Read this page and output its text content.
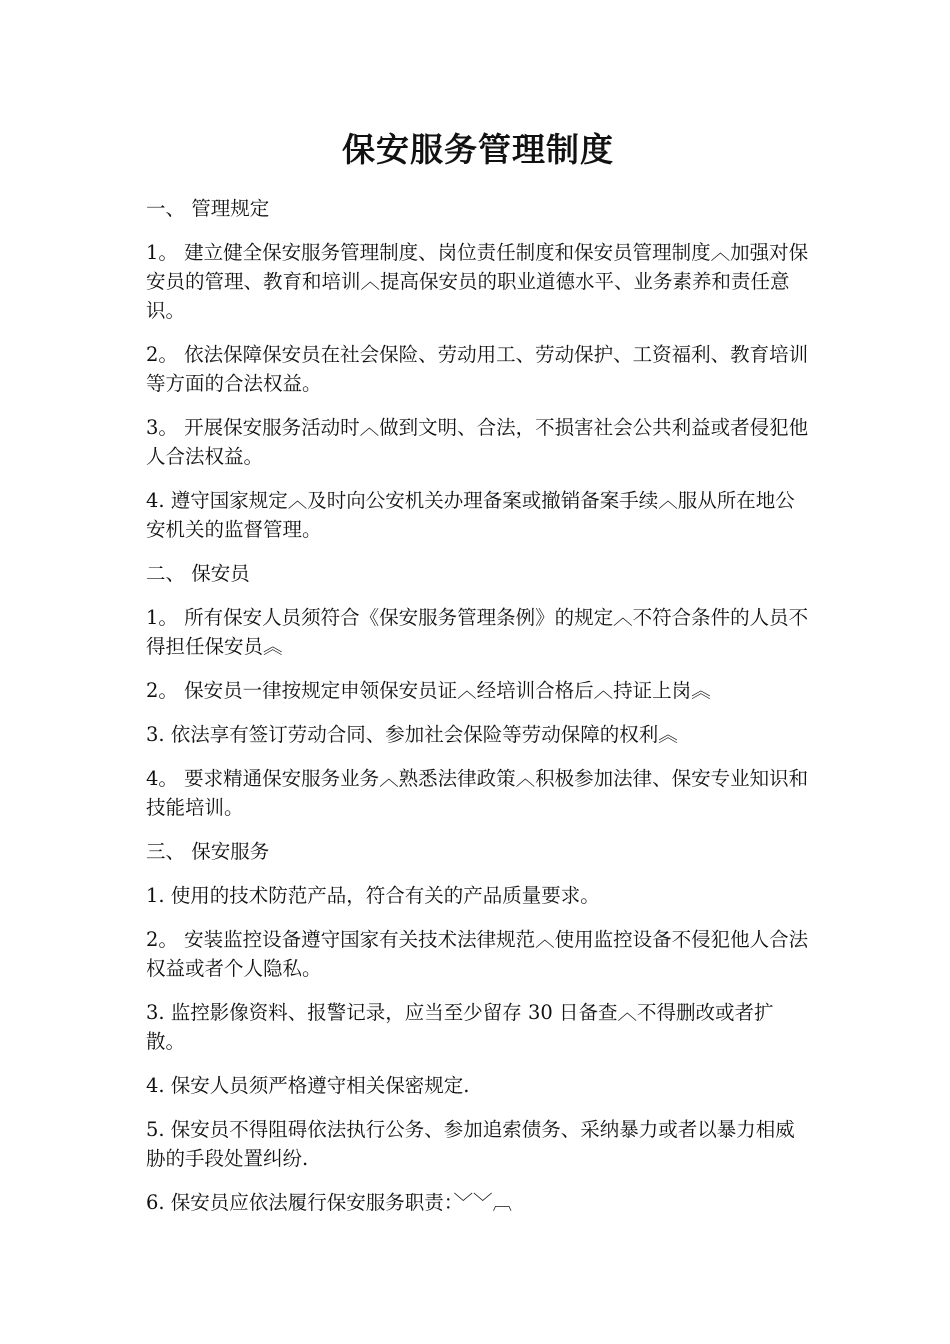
保安服务管理制度
一、 管理规定
1。 建立健全保安服务管理制度、岗位责任制度和保安员管理制度︿加强对保安员的管理、教育和培训︿提高保安员的职业道德水平、业务素养和责任意识。
2。 依法保障保安员在社会保险、劳动用工、劳动保护、工资福利、教育培训等方面的合法权益。
3。 开展保安服务活动时︿做到文明、合法，不损害社会公共利益或者侵犯他人合法权益。
4. 遵守国家规定︿及时向公安机关办理备案或撤销备案手续︿服从所在地公安机关的监督管理。
二、 保安员
1。 所有保安人员须符合《保安服务管理条例》的规定︿不符合条件的人员不得担任保安员︽
2。 保安员一律按规定申领保安员证︿经培训合格后︿持证上岗︽
3. 依法享有签订劳动合同、参加社会保险等劳动保障的权利︽
4。 要求精通保安服务业务︿熟悉法律政策︿积极参加法律、保安专业知识和技能培训。
三、 保安服务
1. 使用的技术防范产品，符合有关的产品质量要求。
2。 安装监控设备遵守国家有关技术法律规范︿使用监控设备不侵犯他人合法权益或者个人隐私。
3. 监控影像资料、报警记录，应当至少留存 30 日备查︿不得删改或者扩散。
4. 保安人员须严格遵守相关保密规定.
5. 保安员不得阻碍依法执行公务、参加追索债务、采纳暴力或者以暴力相威胁的手段处置纠纷.
6. 保安员应依法履行保安服务职责：﹀﹀︹
